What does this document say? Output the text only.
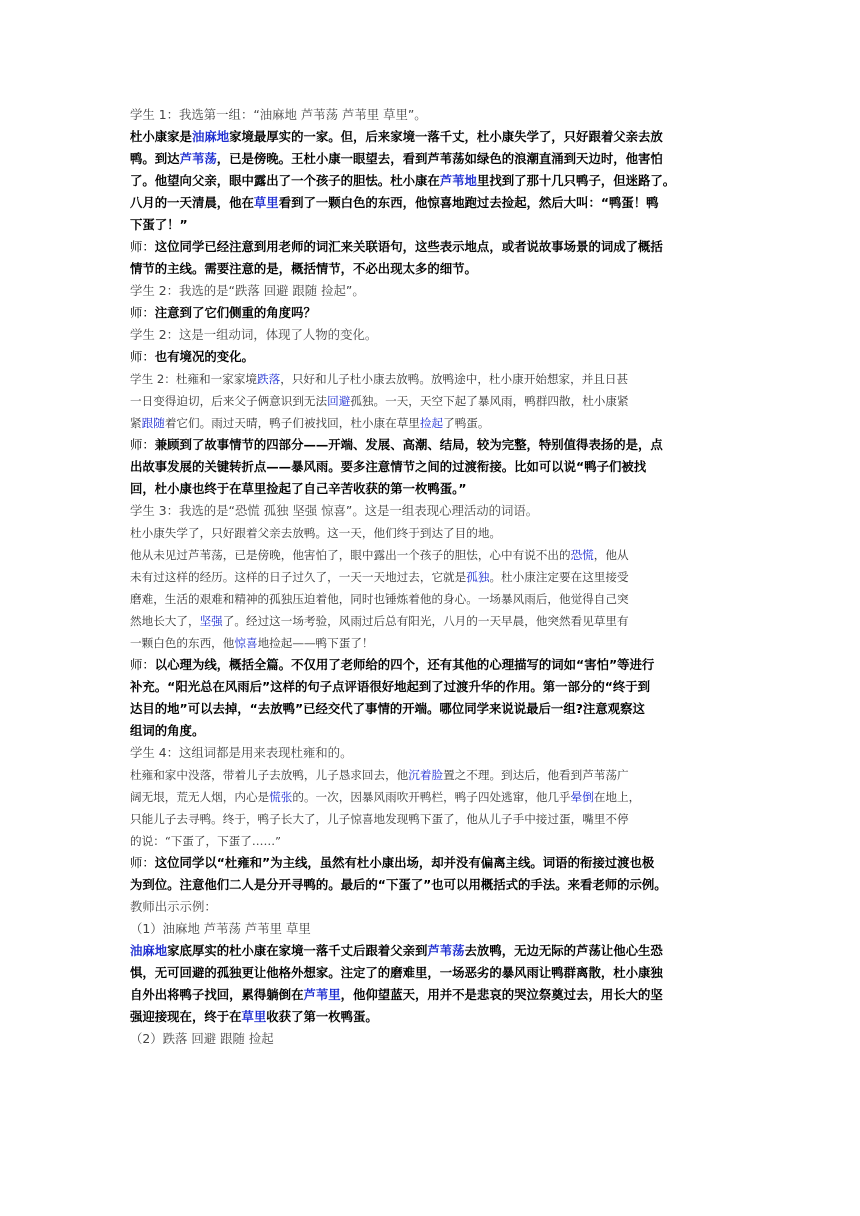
学生 1：我选第一组：“油麻地 芦苇荡 芦苇里 草里”。
杜小康家是油麻地家境最厚实的一家。但，后来家境一落千丈，杜小康失学了，只好跟着父亲去放
鸭。到达芦苇荡，已是傍晚。王杜小康一眼望去，看到芦苇荡如绿色的浪潮直涌到天边时，他害怕
了。他望向父亲，眼中露出了一个孩子的胆怯。杜小康在芦苇地里找到了那十几只鸭子，但迷路了。
八月的一天清晨，他在草里看到了一颗白色的东西，他惊喜地跑过去捡起，然后大叫：“鸭蛋！鸭
下蛋了！”
师：这位同学已经注意到用老师的词汇来关联语句，这些表示地点，或者说故事场景的词成了概括
情节的主线。需要注意的是，概括情节，不必出现太多的细节。
学生 2：我选的是“跌落 回避 跟随 捡起”。
师：注意到了它们侧重的角度吗？
学生 2：这是一组动词，体现了人物的变化。
师：也有境况的变化。
学生 2：杜雍和一家家境跌落，只好和儿子杜小康去放鸭。放鸭途中，杜小康开始想家，并且日甚
一日变得迫切，后来父子俩意识到无法回避孤独。一天，天空下起了暴风雨，鸭群四散，杜小康紧
紧跟随着它们。雨过天晴，鸭子们被找回，杜小康在草里捡起了鸭蛋。
师：兼顾到了故事情节的四部分——开端、发展、高潮、结局，较为完整，特别值得表扬的是，点
出故事发展的关键转折点——暴风雨。要多注意情节之间的过渡衔接。比如可以说“鸭子们被找
回，杜小康也终于在草里捡起了自己辛苦收获的第一枚鸭蛋。”
学生 3：我选的是“恐慌 孤独 坚强 惊喜”。这是一组表现心理活动的词语。
杜小康失学了，只好跟着父亲去放鸭。这一天，他们终于到达了目的地。
他从未见过芦苇荡，已是傍晚，他害怕了，眼中露出一个孩子的胆怯，心中有说不出的恐慌，他从
未有过这样的经历。这样的日子过久了，一天一天地过去，它就是孤独。杜小康注定要在这里接受
磨难，生活的艰难和精神的孤独压迫着他，同时也锤炼着他的身心。一场暴风雨后，他觉得自己突
然地长大了，坚强了。经过这一场考验，风雨过后总有阳光，八月的一天早晨，他突然看见草里有
一颗白色的东西，他惊喜地捡起——鸭下蛋了！
师：以心理为线，概括全篇。不仅用了老师给的四个，还有其他的心理描写的词如“害怕”等进行
补充。“阳光总在风雨后”这样的句子点评语很好地起到了过渡升华的作用。第一部分的“终于到
达目的地”可以去掉，“去放鸭”已经交代了事情的开端。哪位同学来说说最后一组?注意观察这
组词的角度。
学生 4：这组词都是用来表现杜雍和的。
杜雍和家中没落，带着儿子去放鸭，儿子恳求回去，他沉着脸置之不理。到达后，他看到芦苇荡广
阔无垠，荒无人烟，内心是慌张的。一次，因暴风雨吹开鸭栏，鸭子四处逃窜，他几乎晕倒在地上，
只能儿子去寻鸭。终于，鸭子长大了，儿子惊喜地发现鸭下蛋了，他从儿子手中接过蛋，嘴里不停
的说：“下蛋了，下蛋了……”
师：这位同学以“杜雍和”为主线，虽然有杜小康出场，却并没有偏离主线。词语的衔接过渡也极
为到位。注意他们二人是分开寻鸭的。最后的“下蛋了”也可以用概括式的手法。来看老师的示例。
教师出示示例：
（1）油麻地 芦苇荡 芦苇里 草里
油麻地家底厚实的杜小康在家境一落千丈后跟着父亲到芦苇荡去放鸭，无边无际的芦荡让他心生恐
惧，无可回避的孤独更让他格外想家。注定了的磨难里，一场恶劣的暴风雨让鸭群离散，杜小康独
自外出将鸭子找回，累得躺倒在芦苇里，他仰望蓝天，用并不是悲哀的哭泣祭奠过去，用长大的坚
强迎接现在，终于在草里收获了第一枚鸭蛋。
（2）跌落 回避 跟随 捡起
